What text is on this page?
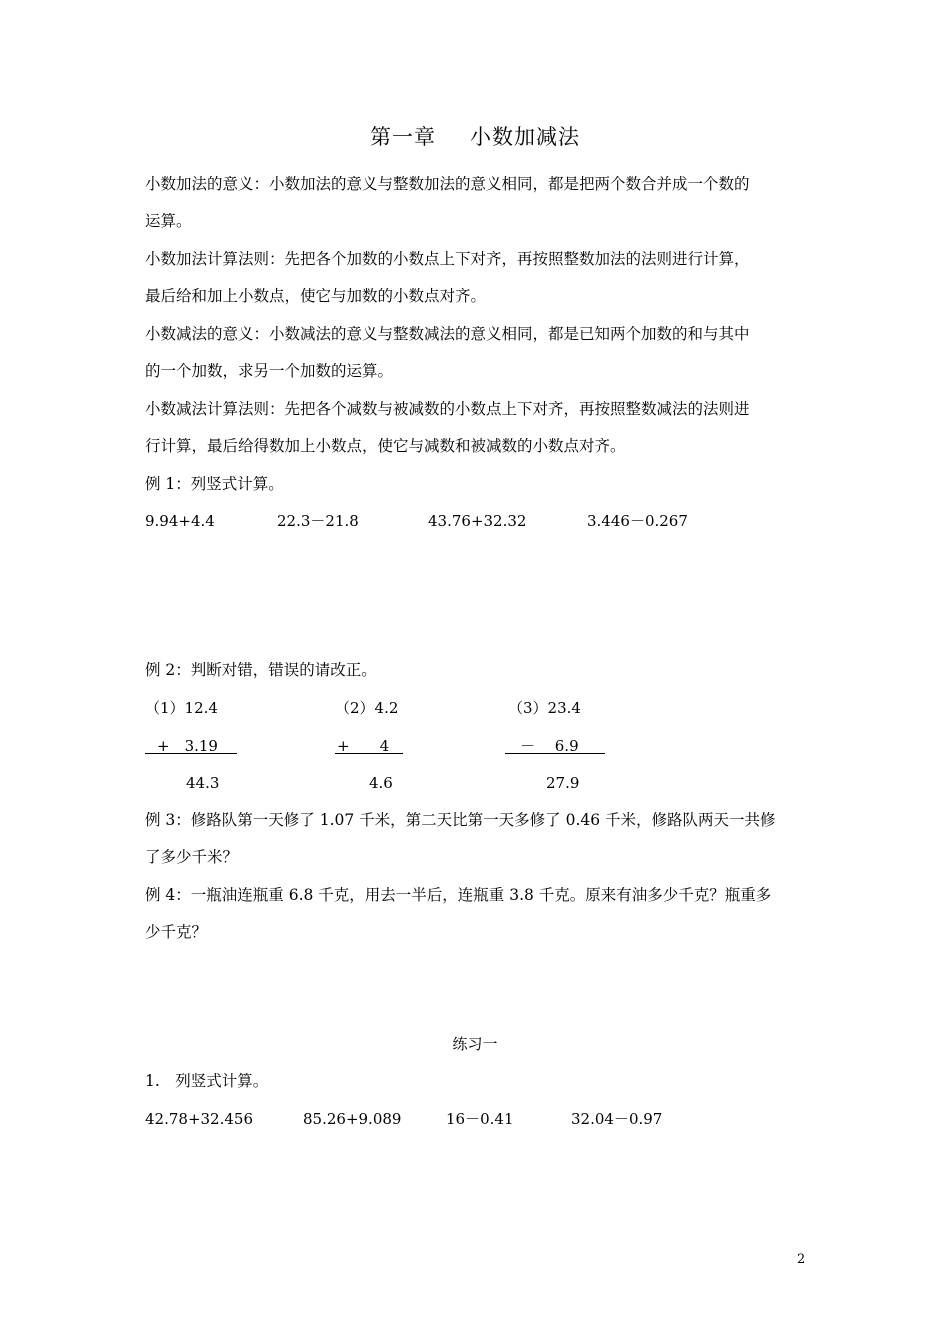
第一章 小数加减法
小数加法的意义：小数加法的意义与整数加法的意义相同，都是把两个数合并成一个数的
运算。
小数加法计算法则：先把各个加数的小数点上下对齐，再按照整数加法的法则进行计算，
最后给和加上小数点，使它与加数的小数点对齐。
小数减法的意义：小数减法的意义与整数减法的意义相同，都是已知两个加数的和与其中
的一个加数，求另一个加数的运算。
小数减法计算法则：先把各个减数与被减数的小数点上下对齐，再按照整数减法的法则进
行计算，最后给得数加上小数点，使它与减数和被减数的小数点对齐。
例 1：列竖式计算。
9.94+4.4	22.3－21.8	43.76+32.32	3.446－0.267
例 2：判断对错，错误的请改正。
（1）12.4
+　3.19
44.3
（2）4.2
+　　4
4.6
（3）23.4
－　 6.9
27.9
例 3：修路队第一天修了 1.07 千米，第二天比第一天多修了 0.46 千米，修路队两天一共修
了多少千米？
例 4：一瓶油连瓶重 6.8 千克，用去一半后，连瓶重 3.8 千克。原来有油多少千克？瓶重多
少千克？
练习一
1.　列竖式计算。
42.78+32.456	85.26+9.089	16－0.41	32.04－0.97
2
